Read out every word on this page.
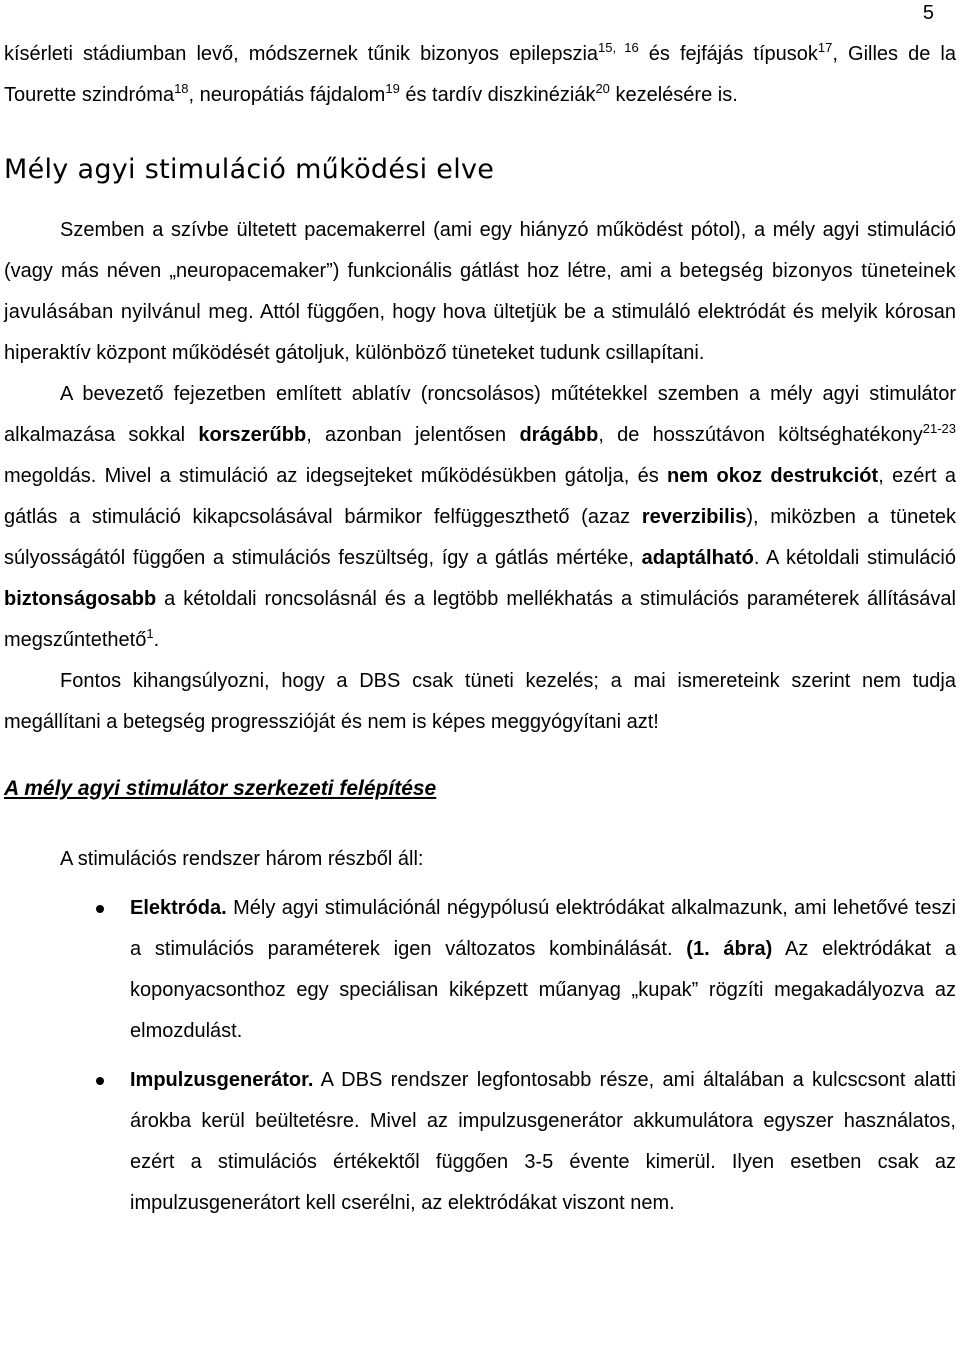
5

kísérleti stádiumban levő, módszernek tűnik bizonyos epilepszia$^{15, 16}$ és fejfájás típusok$^{17}$, Gilles de la Tourette szindróma$^{18}$, neuropátiás fájdalom$^{19}$ és tardív diszkinéziák$^{20}$ kezelésére is.

Mély agyi stimuláció működési elve

Szemben a szívbe ültetett pacemakerrel (ami egy hiányzó működést pótol), a mély agyi stimuláció (vagy más néven „neuropacemaker”) funkcionális gátlást hoz létre, ami a betegség bizonyos tüneteinek javulásában nyilvánul meg. Attól függően, hogy hova ültetjük be a stimuláló elektródát és melyik kórosan hiperaktív központ működését gátoljuk, különböző tüneteket tudunk csillapítani.

A bevezető fejezetben említett ablatív (roncsolásos) műtétekkel szemben a mély agyi stimulátor alkalmazása sokkal korszerűbb, azonban jelentősen drágább, de hosszútávon költséghatékony$^{21-23}$ megoldás. Mivel a stimuláció az idegsejteket működésükben gátolja, és nem okoz destrukciót, ezért a gátlás a stimuláció kikapcsolásával bármikor felfüggeszthető (azaz reverzibilis), miközben a tünetek súlyosságától függően a stimulációs feszültség, így a gátlás mértéke, adaptálható. A kétoldali stimuláció biztonságosabb a kétoldali roncsolásnál és a legtöbb mellékhatás a stimulációs paraméterek állításával megszűntethető$^1$.

Fontos kihangsúlyozni, hogy a DBS csak tüneti kezelés; a mai ismereteink szerint nem tudja megállítani a betegség progresszióját és nem is képes meggyógyítani azt!

A mély agyi stimulátor szerkezeti felépítése

A stimulációs rendszer három részből áll:

Elektróda. Mély agyi stimulációnál négypólusú elektródákat alkalmazunk, ami lehetővé teszi a stimulációs paraméterek igen változatos kombinálását. (1. ábra) Az elektródákat a koponyacsonthoz egy speciálisan kiképzett műanyag „kupak” rögzíti megakadályozva az elmozdulást.

Impulzusgenerátor. A DBS rendszer legfontosabb része, ami általában a kulcscsont alatti árokba kerül beültetésre. Mivel az impulzusgenerátor akkumulátora egyszer használatos, ezért a stimulációs értékektől függően 3-5 évente kimerül. Ilyen esetben csak az impulzusgenerátort kell cserélni, az elektródákat viszont nem.
